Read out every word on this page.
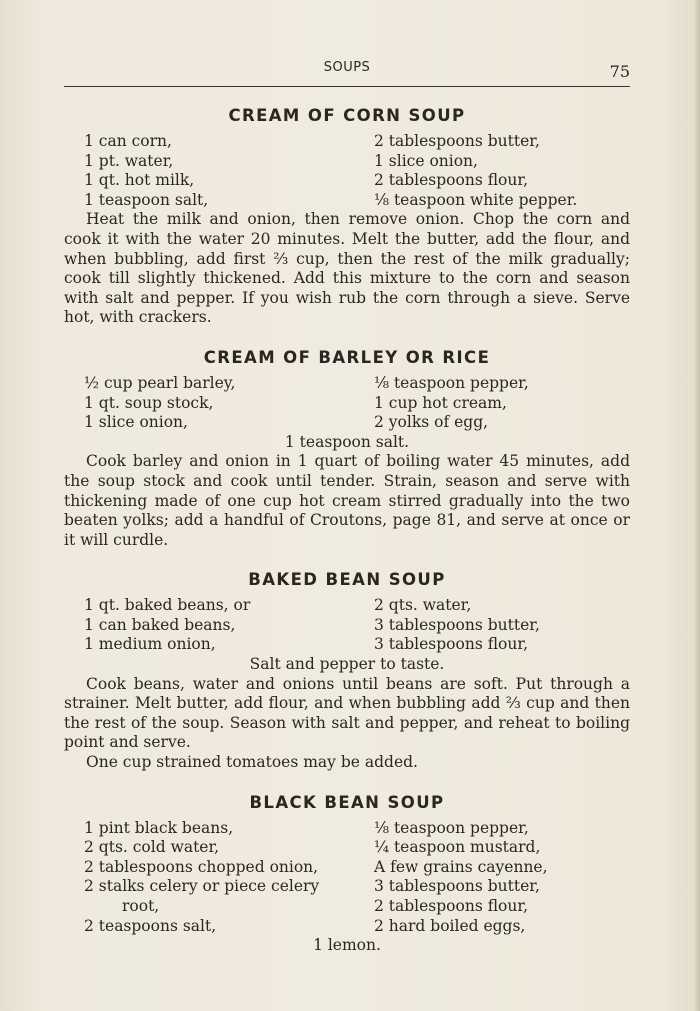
SOUPS	75
CREAM OF CORN SOUP
1 can corn,
1 pt. water,
1 qt. hot milk,
1 teaspoon salt,
2 tablespoons butter,
1 slice onion,
2 tablespoons flour,
⅛ teaspoon white pepper.

Heat the milk and onion, then remove onion. Chop the corn and cook it with the water 20 minutes. Melt the butter, add the flour, and when bubbling, add first ⅔ cup, then the rest of the milk gradually; cook till slightly thickened. Add this mixture to the corn and season with salt and pepper. If you wish rub the corn through a sieve. Serve hot, with crackers.

CREAM OF BARLEY OR RICE
½ cup pearl barley,
1 qt. soup stock,
1 slice onion,
⅛ teaspoon pepper,
1 cup hot cream,
2 yolks of egg,
1 teaspoon salt.

Cook barley and onion in 1 quart of boiling water 45 minutes, add the soup stock and cook until tender. Strain, season and serve with thickening made of one cup hot cream stirred gradually into the two beaten yolks; add a handful of Croutons, page 81, and serve at once or it will curdle.

BAKED BEAN SOUP
1 qt. baked beans, or
1 can baked beans,
1 medium onion,
2 qts. water,
3 tablespoons butter,
3 tablespoons flour,
Salt and pepper to taste.

Cook beans, water and onions until beans are soft. Put through a strainer. Melt butter, add flour, and when bubbling add ⅔ cup and then the rest of the soup. Season with salt and pepper, and reheat to boiling point and serve.

One cup strained tomatoes may be added.

BLACK BEAN SOUP
1 pint black beans,
2 qts. cold water,
2 tablespoons chopped onion,
2 stalks celery or piece celery
root,
2 teaspoons salt,
⅛ teaspoon pepper,
¼ teaspoon mustard,
A few grains cayenne,
3 tablespoons butter,
2 tablespoons flour,
2 hard boiled eggs,
1 lemon.
